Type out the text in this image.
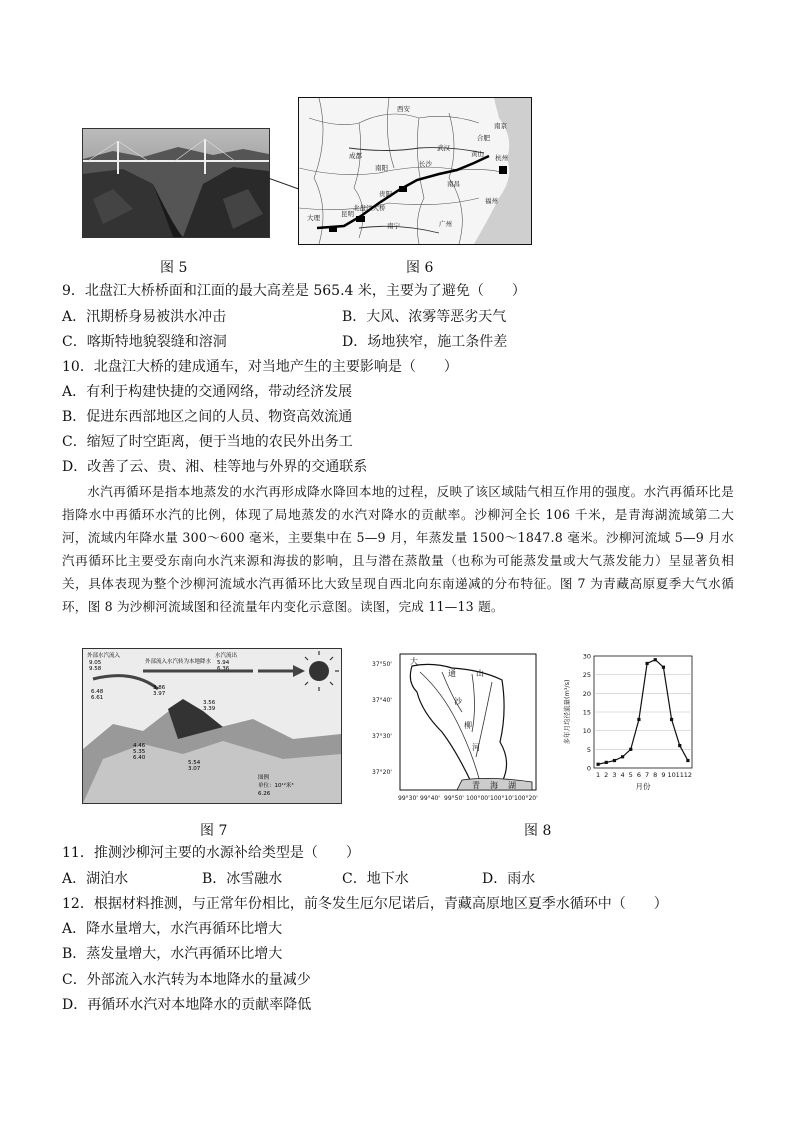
图 5
西安
成都
武汉
合肥
南京
杭州
南昌
长沙
贵阳
昆明
南宁	广州
福州
大理
黄山
南阳
北盘江大桥
图 6
9．北盘江大桥桥面和江面的最大高差是 565.4 米，主要为了避免（　　）
A．汛期桥身易被洪水冲击	B．大风、浓雾等恶劣天气
C．喀斯特地貌裂缝和溶洞	D．场地狭窄，施工条件差
10．北盘江大桥的建成通车，对当地产生的主要影响是（　　）
A．有利于构建快捷的交通网络，带动经济发展
B．促进东西部地区之间的人员、物资高效流通
C．缩短了时空距离，便于当地的农民外出务工
D．改善了云、贵、湘、桂等地与外界的交通联系
水汽再循环是指本地蒸发的水汽再形成降水降回本地的过程，反映了该区域陆气相互作用的强度。水汽再循环比是指降水中再循环水汽的比例，体现了局地蒸发的水汽对降水的贡献率。沙柳河全长 106 千米，是青海湖流域第二大河，流域内年降水量 300～600 毫米，主要集中在 5—9 月，年蒸发量 1500～1847.8 毫米。沙柳河流域 5—9 月水汽再循环比主要受东南向水汽来源和海拔的影响，且与潜在蒸散量（也称为可能蒸发量或大气蒸发能力）呈显著负相关，具体表现为整个沙柳河流域水汽再循环比大致呈现自西北向东南递减的分布特征。图 7 为青藏高原夏季大气水循环，图 8 为沙柳河流域图和径流量年内变化示意图。读图，完成 11—13 题。
外部水汽流入
9.05
9.58
外部流入水汽转为本地降水
水汽流出
5.94
6.36
6.48
6.61
3.86
3.97
3.56
3.39
4.46
5.35
6.40
5.54
3.07
图例
单位：10¹²米³
6.26
图 7
37°50'
37°40'
37°30'
37°20'
99°30' 99°40' 99°50' 100°00' 100°10' 100°20'
大
通	山
沙
柳
河
青 海 湖
0
5
10
15
20
25
30
1 2 3 4 5 6 7 8 9 10 11 12
月份
多年月均径流量(m³/s)
图 8
11．推测沙柳河主要的水源补给类型是（　　）
A．湖泊水	B．冰雪融水	C．地下水	D．雨水
12．根据材料推测，与正常年份相比，前冬发生厄尔尼诺后，青藏高原地区夏季水循环中（　　）
A．降水量增大，水汽再循环比增大
B．蒸发量增大，水汽再循环比增大
C．外部流入水汽转为本地降水的量减少
D．再循环水汽对本地降水的贡献率降低
